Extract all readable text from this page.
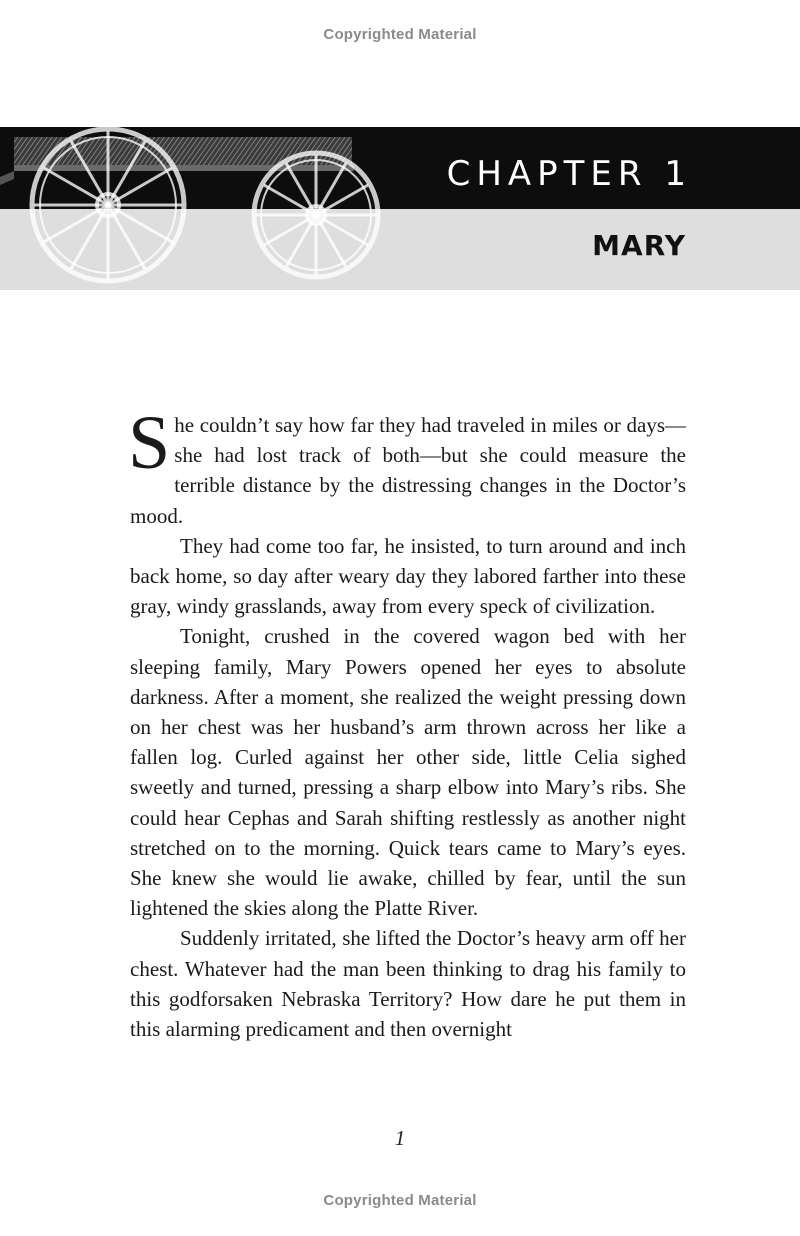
Copyrighted Material
CHAPTER 1
MARY

She couldn’t say how far they had traveled in miles or days—she had lost track of both—but she could measure the terrible distance by the distressing changes in the Doctor’s mood.

They had come too far, he insisted, to turn around and inch back home, so day after weary day they labored farther into these gray, windy grasslands, away from every speck of civilization.

Tonight, crushed in the covered wagon bed with her sleeping family, Mary Powers opened her eyes to absolute darkness. After a moment, she realized the weight pressing down on her chest was her husband’s arm thrown across her like a fallen log. Curled against her other side, little Celia sighed sweetly and turned, pressing a sharp elbow into Mary’s ribs. She could hear Cephas and Sarah shifting restlessly as another night stretched on to the morning. Quick tears came to Mary’s eyes. She knew she would lie awake, chilled by fear, until the sun lightened the skies along the Platte River.

Suddenly irritated, she lifted the Doctor’s heavy arm off her chest. Whatever had the man been thinking to drag his family to this godforsaken Nebraska Territory? How dare he put them in this alarming predicament and then overnight

1
Copyrighted Material
